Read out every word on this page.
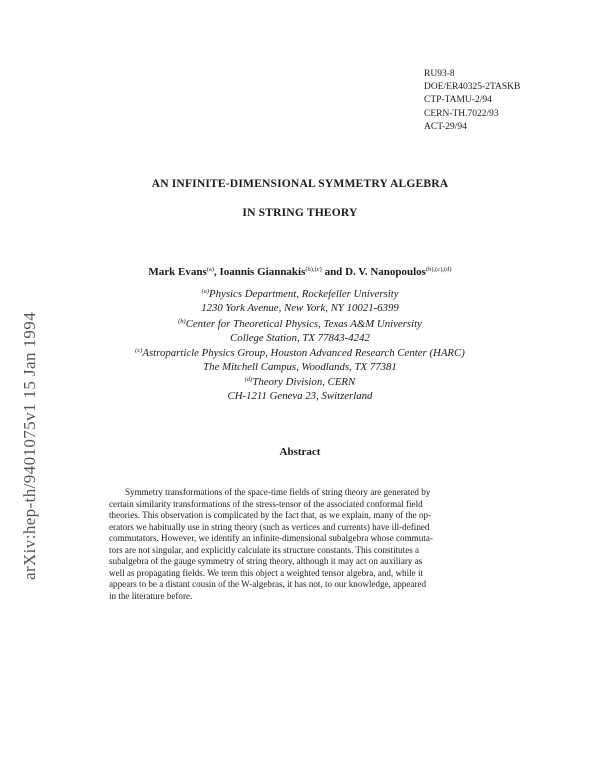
RU93-8
DOE/ER40325-2TASKB
CTP-TAMU-2/94
CERN-TH.7022/93
ACT-29/94
arXiv:hep-th/9401075v1 15 Jan 1994
AN INFINITE-DIMENSIONAL SYMMETRY ALGEBRA
IN STRING THEORY
Mark Evans$^{(a)}$, Ioannis Giannakis$^{(b),(c)}$ and D. V. Nanopoulos$^{(b),(c),(d)}$
$^{(a)}$Physics Department, Rockefeller University
1230 York Avenue, New York, NY 10021-6399
$^{(b)}$Center for Theoretical Physics, Texas A&M University
College Station, TX 77843-4242
$^{(c)}$Astroparticle Physics Group, Houston Advanced Research Center (HARC)
The Mitchell Campus, Woodlands, TX 77381
$^{(d)}$Theory Division, CERN
CH-1211 Geneva 23, Switzerland
Abstract
Symmetry transformations of the space-time fields of string theory are generated by
certain similarity transformations of the stress-tensor of the associated conformal field
theories. This observation is complicated by the fact that, as we explain, many of the op-
erators we habitually use in string theory (such as vertices and currents) have ill-defined
commutators. However, we identify an infinite-dimensional subalgebra whose commuta-
tors are not singular, and explicitly calculate its structure constants. This constitutes a
subalgebra of the gauge symmetry of string theory, although it may act on auxiliary as
well as propagating fields. We term this object a weighted tensor algebra, and, while it
appears to be a distant cousin of the W-algebras, it has not, to our knowledge, appeared
in the literature before.
